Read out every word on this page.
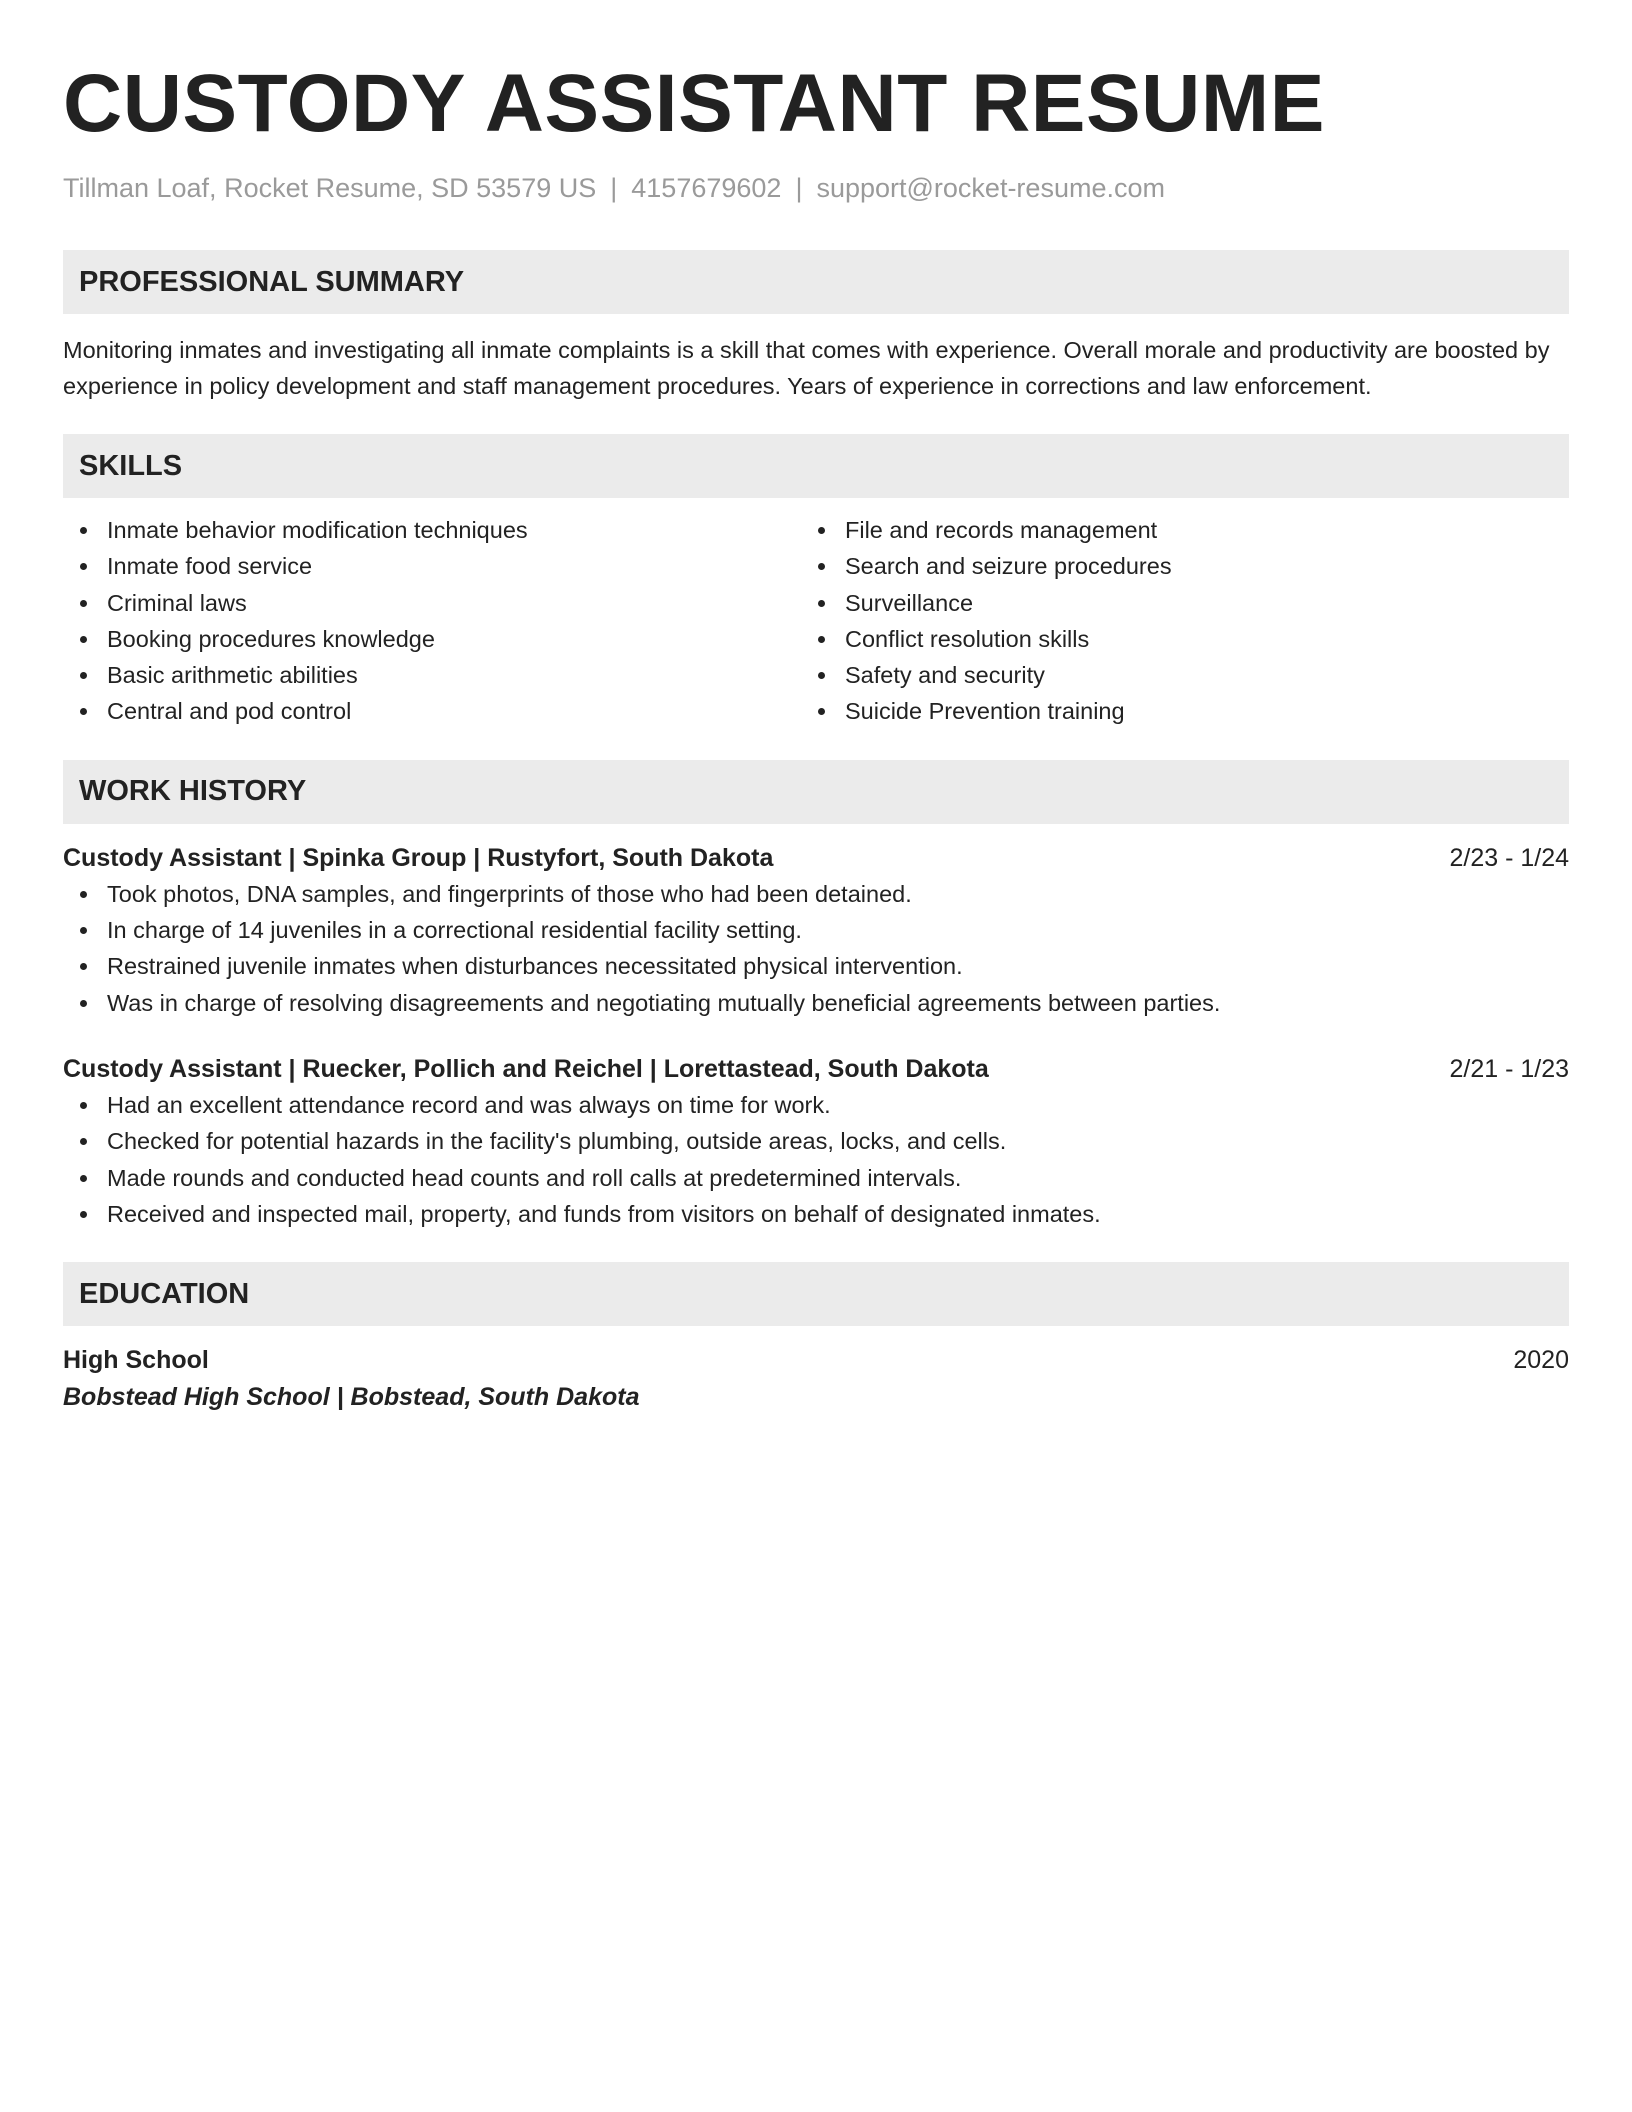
CUSTODY ASSISTANT RESUME
Tillman Loaf, Rocket Resume, SD 53579 US | 4157679602 | support@rocket-resume.com
PROFESSIONAL SUMMARY

Monitoring inmates and investigating all inmate complaints is a skill that comes with experience. Overall morale and productivity are boosted by experience in policy development and staff management procedures. Years of experience in corrections and law enforcement.

SKILLS
Inmate behavior modification techniques
Inmate food service
Criminal laws
Booking procedures knowledge
Basic arithmetic abilities
Central and pod control
File and records management
Search and seizure procedures
Surveillance
Conflict resolution skills
Safety and security
Suicide Prevention training
WORK HISTORY
Custody Assistant | Spinka Group | Rustyfort, South Dakota	2/23 - 1/24
Took photos, DNA samples, and fingerprints of those who had been detained.
In charge of 14 juveniles in a correctional residential facility setting.
Restrained juvenile inmates when disturbances necessitated physical intervention.
Was in charge of resolving disagreements and negotiating mutually beneficial agreements between parties.
Custody Assistant | Ruecker, Pollich and Reichel | Lorettastead, South Dakota	2/21 - 1/23
Had an excellent attendance record and was always on time for work.
Checked for potential hazards in the facility's plumbing, outside areas, locks, and cells.
Made rounds and conducted head counts and roll calls at predetermined intervals.
Received and inspected mail, property, and funds from visitors on behalf of designated inmates.
EDUCATION
High School	2020
Bobstead High School | Bobstead, South Dakota
